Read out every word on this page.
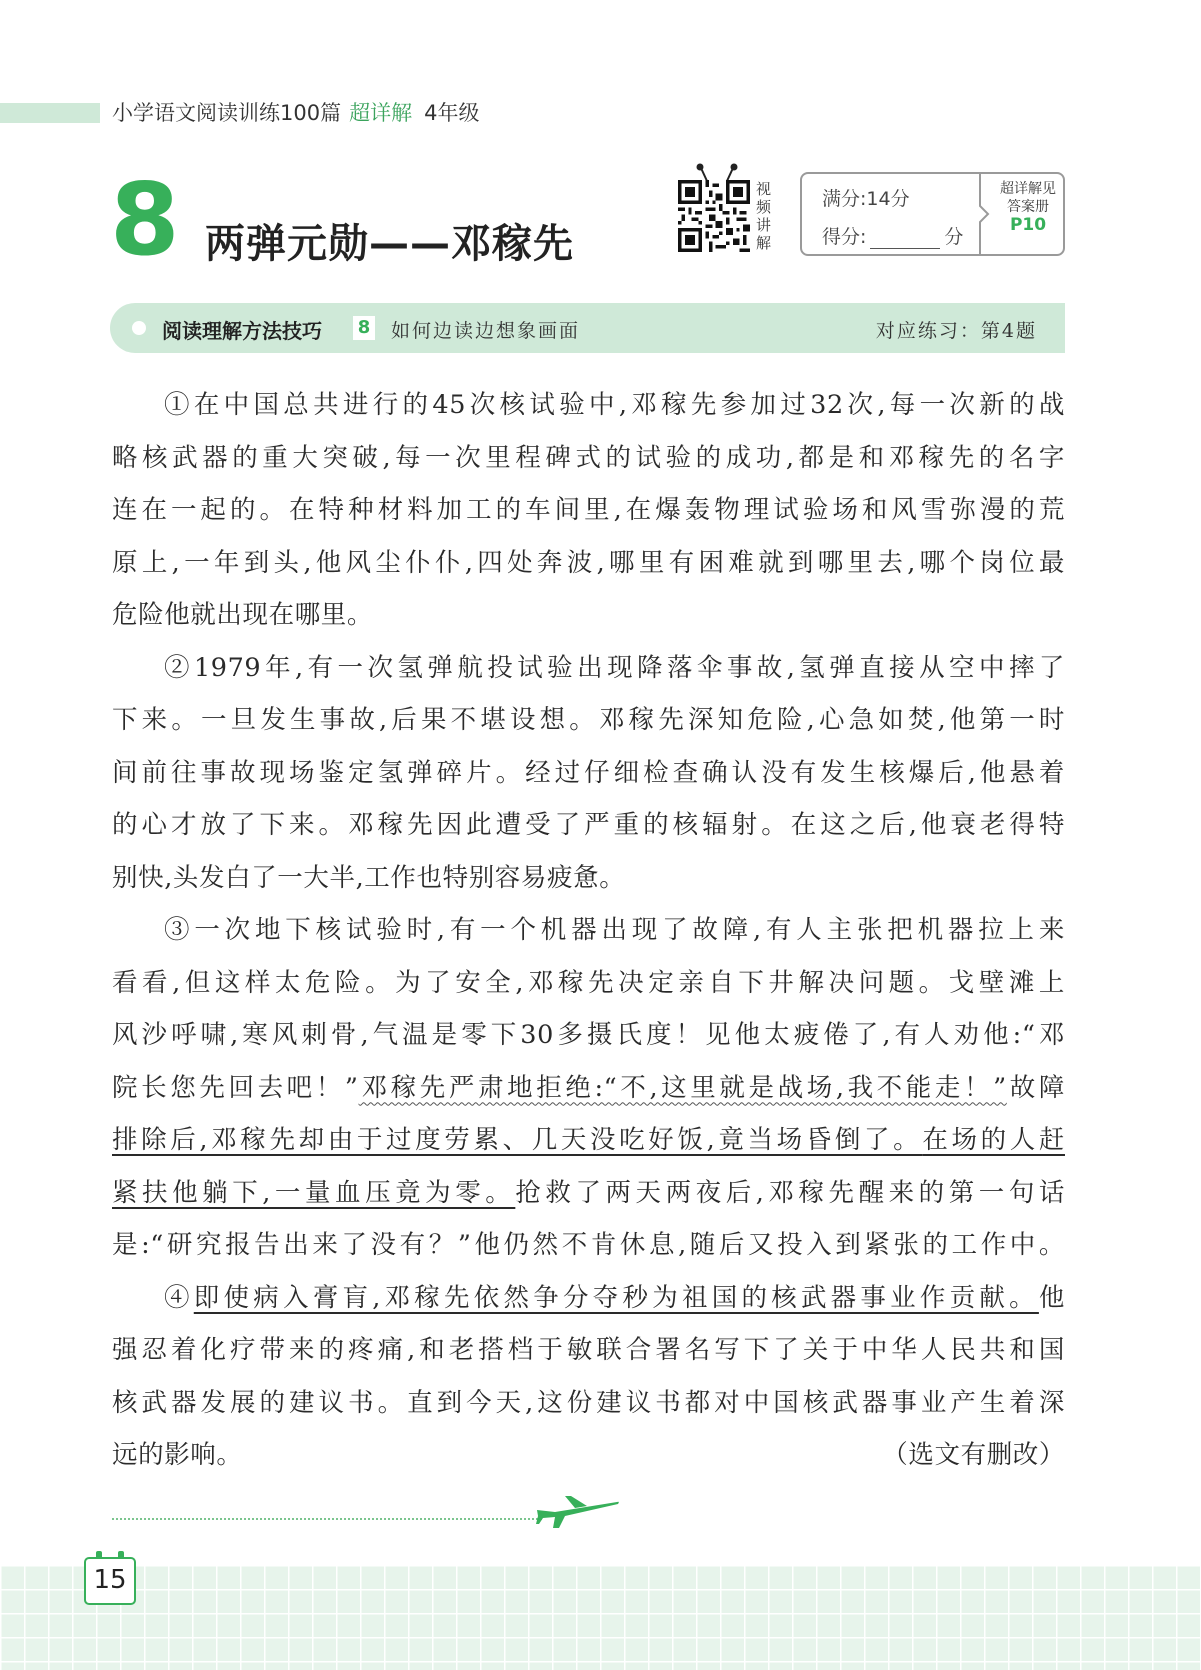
小学语文阅读训练100篇 超详解 4年级
8 两弹元勋——邓稼先
视
频
讲
解
满分:14分
得分:	分
超详解见
答案册
P10
阅读理解方法技巧 8 如何边读边想象画面	对应练习：第4题
①在中国总共进行的45次核试验中,邓稼先参加过32次,每一次新的战
略核武器的重大突破,每一次里程碑式的试验的成功,都是和邓稼先的名字
连在一起的。在特种材料加工的车间里,在爆轰物理试验场和风雪弥漫的荒
原上,一年到头,他风尘仆仆,四处奔波,哪里有困难就到哪里去,哪个岗位最
危险他就出现在哪里。
②1979年,有一次氢弹航投试验出现降落伞事故,氢弹直接从空中摔了
下来。一旦发生事故,后果不堪设想。邓稼先深知危险,心急如焚,他第一时
间前往事故现场鉴定氢弹碎片。经过仔细检查确认没有发生核爆后,他悬着
的心才放了下来。邓稼先因此遭受了严重的核辐射。在这之后,他衰老得特
别快,头发白了一大半,工作也特别容易疲惫。
③一次地下核试验时,有一个机器出现了故障,有人主张把机器拉上来
看看,但这样太危险。为了安全,邓稼先决定亲自下井解决问题。戈壁滩上
风沙呼啸,寒风刺骨,气温是零下30多摄氏度！见他太疲倦了,有人劝他:“邓
院长您先回去吧！”邓稼先严肃地拒绝:“不,这里就是战场,我不能走！”故障
排除后,邓稼先却由于过度劳累、几天没吃好饭,竟当场昏倒了。在场的人赶
紧扶他躺下,一量血压竟为零。抢救了两天两夜后,邓稼先醒来的第一句话
是:“研究报告出来了没有？”他仍然不肯休息,随后又投入到紧张的工作中。
④即使病入膏肓,邓稼先依然争分夺秒为祖国的核武器事业作贡献。他
强忍着化疗带来的疼痛,和老搭档于敏联合署名写下了关于中华人民共和国
核武器发展的建议书。直到今天,这份建议书都对中国核武器事业产生着深
远的影响。	（选文有删改）
15
